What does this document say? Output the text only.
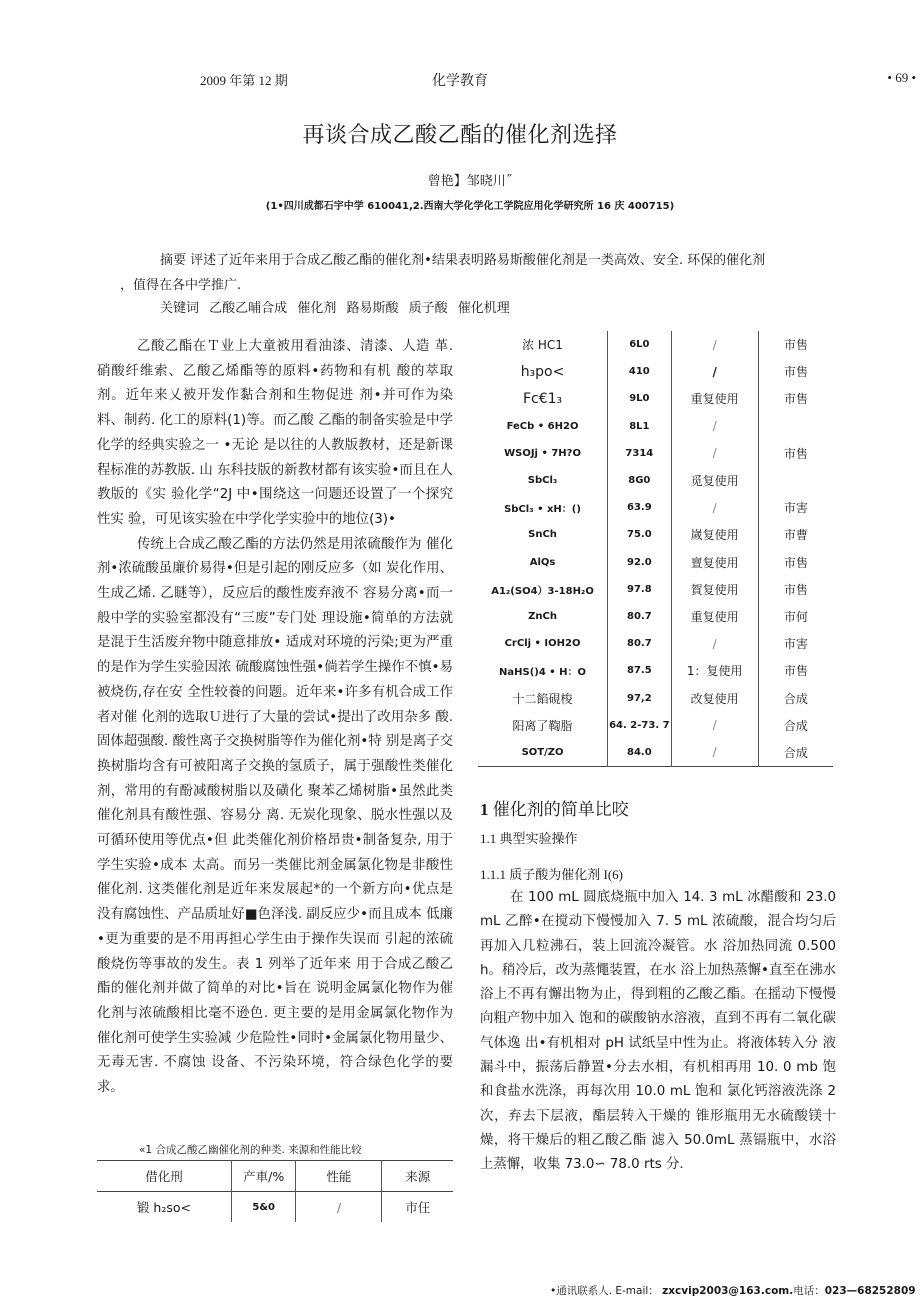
2009 年第 12 期	化学教育	• 69 •
再谈合成乙酸乙酯的催化剂选择
曾艳】邹晓川˝
(1•四川成都石宇中学 610041,2.西南大学化学化工学院应用化学研究所 16 庆 400715)
摘要 评述了近年来用于合成乙酸乙酯的催化剂•结果表明路易斯酸催化剂是一类高效、安全. 环保的催化剂
，值得在各中学推广.
关键词 乙酸乙晡合成 催化剂 路易斯酸 质子酸 催化机理

乙酸乙酯在Ｔ业上大童被用看油漆、清漆、人造 革. 硝酸纤维索、乙酸乙烯酯等的原料•药物和有机 酸的萃取剂。近年来乂被开发作黏合剂和生物促进 剂•并可作为染料、制药. 化工的原料(1)等。而乙酸 乙酯的制备实验是中学化学的经典实验之一 •无论 是以往的人教版教材，还是新课程标准的苏教版. 山 东科技版的新教材都有该实验•而且在人教版的《实 验化学“2J 中•围绕这一问题还设置了一个探究性实 验，可见该实验在中学化学实验中的地位(3)•

传统上合成乙酸乙酯的方法仍然是用浓硫酸作为 催化剂•浓硫酸虽廉价易得•但是引起的刚反应多（如 炭化作用、生成乙烯. 乙瞇等），反应后的酸性废弃液不 容易分离•而一般中学的实验室都没有“三废”专门处 理设施•简单的方法就是混于生活废弁物中随意排放• 适成对环境的污染;更为严重的是作为学生实验因浓 硫酸腐蚀性强•倘若学生操作不慎•易被烧伤,存在安 全性较養的问题。近年来•许多有机合成工作者对催 化剂的选取Ｕ进行了大量的尝试•提出了改用杂多 酸. 固体超强酸. 酸性离子交换树脂等作为催化剂•特 别是离子交换树脂均含有可被阳离子交换的氢质子，属于强酸性类催化剂，常用的有酚减酸树脂以及磺化 聚苯乙烯树脂•虽然此类催化剂具有酸性强、容易分 离. 无炭化现象、脱水性强以及可循环使用等优点•但 此类催化剂价格昂贵•制备复杂, 用于学生实验•成本 太高。而另一类催比剂金属氯化物是非酸性催化剂. 这类催化剂是近年来发展起*的一个新方向•优点是 没有腐蚀性、产品质址好■色泽浅. 副反应少•而且成本 低廉•更为重要的是不用再担心学生由于操作失误而 引起的浓硫酸烧伤等事故的发生。表 1 列举了近年来 用于合成乙酸乙酯的催化剂并做了简单的对比•旨在 说明金属氯化物作为催化剂与浓硫酸相比毫不逊色. 更主要的是用金属氯化物作为催化剂可使学生实验减 少危险性•同时•金属氯化物用量少、无毒无害. 不腐蚀 设备、不污染环境，符合绿色化学的要求。

«1 合成乙酸乙幽催化剂的种类. 来源和性能比较
借化刑	产車/%	性能	来源
锻 h₂so<	5&0	/	市仼
浓 HC1	6L0	/	市售
h₃po<	410	/	市售
Fc€1₃	9L0	重复使用	市售
FeCb • 6H2O	8L1	/	
WSOJj • 7H?O	7314	/	市售
SbCl₃	8G0	觅复使用	
SbCl₃ • xH：()	63.9	/	市害
SnCh	75.0	嵗复使用	市曹
AlQs	92.0	亶复使用	市售
A1₂(SO4）3-18H₂O	97.8	賀复使用	市售
ZnCh	80.7	重复使用	市何
CrClj • IOH2O	80.7	/	市害
NaHS()4 • H：O	87.5	1：复使用	市售
十二餡硯梭	97,2	改复使用	合成
阳离了鞫脂	64. 2-73. 7	/	合成
SOT/ZO	84.0	/	合成
1 催化剂的简单比咬
1.1 典型实验操作
1.1.1 质子酸为催化剂 I(6)

在 100 mL 圆底烧瓶中加入 14. 3 mL 冰醋酸和 23.0 mL 乙醉•在搅动下慢慢加入 7. 5 mL 浓硫酸，混合均匀后再加入几粒沸石，装上回流冷凝管。水 浴加热同流 0.500 h。稍冷后，改为蒸憴装置，在水 浴上加热蒸懈•直至在沸水浴上不再有懈出物为止，得到粗的乙酸乙酯。在摇动下慢慢向粗产物中加入 饱和的碳酸钠水溶液，直到不再有二氧化碳气体逸 出•有机相对 pH 试纸呈中性为止。将液体转入分 液漏斗中，振荡后静置•分去水相，有机相再用 10. 0 mb 饱和食盐水洗涤，再每次用 10.0 mL 饱和 氯化钙溶液洗涤 2 次，弃去下层液，酯层转入干燥的 锥形瓶用无水硫酸镁十燥，将干燥后的粗乙酸乙酯 滤入 50.0mL 蒸镉瓶中，水浴上蒸懈，收集 73.0∽ 78.0 rts 分.

•通讯联系人. E-mail： zxcvip2003@163.com.电话：023—68252809
